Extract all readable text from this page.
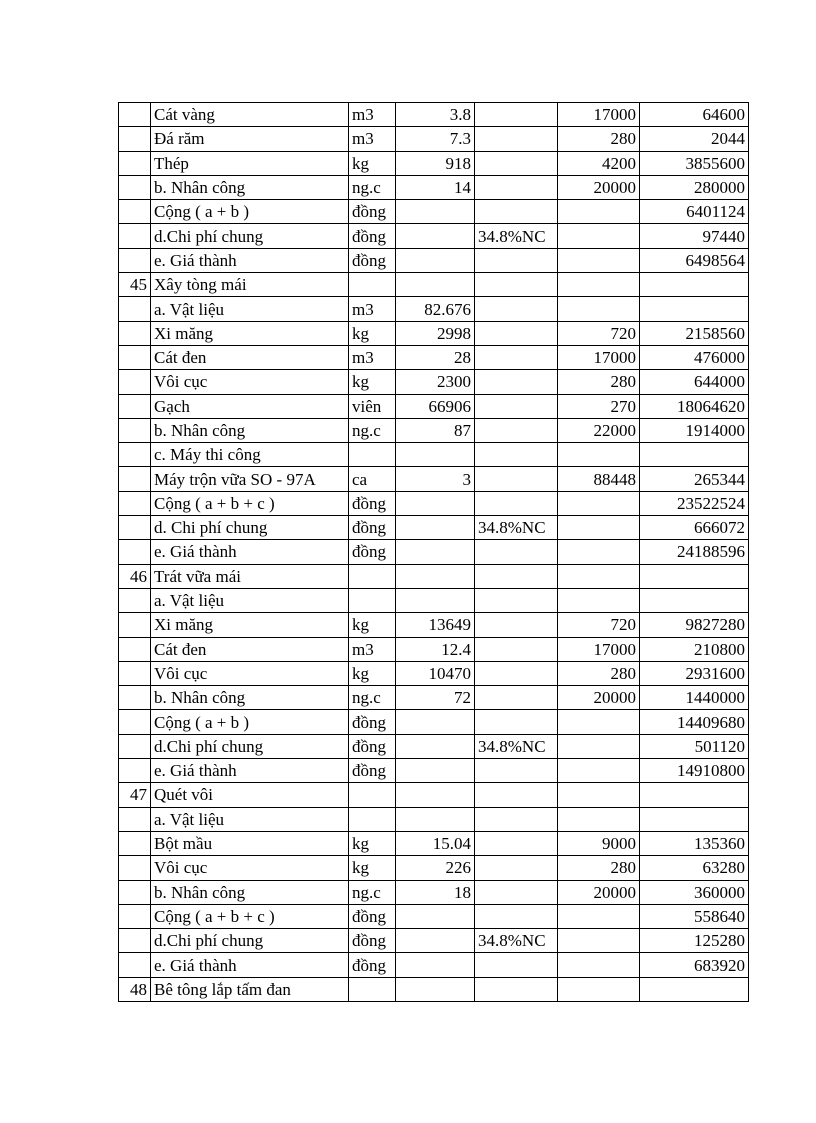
	Cát vàng	m3	3.8		17000	64600
	Đá răm	m3	7.3		280	2044
	Thép	kg	918		4200	3855600
	b. Nhân công	ng.c	14		20000	280000
	Cộng ( a + b )	đồng				6401124
	d.Chi phí chung	đồng		34.8%NC		97440
	e. Giá thành	đồng				6498564
45	Xây tòng mái					
	a. Vật liệu	m3	82.676			
	Xi măng	kg	2998		720	2158560
	Cát đen	m3	28		17000	476000
	Vôi cục	kg	2300		280	644000
	Gạch	viên	66906		270	18064620
	b. Nhân công	ng.c	87		22000	1914000
	c. Máy thi công					
	Máy trộn vữa SO - 97A	ca	3		88448	265344
	Cộng ( a + b + c )	đồng				23522524
	d. Chi phí chung	đồng		34.8%NC		666072
	e. Giá thành	đồng				24188596
46	Trát vữa mái					
	a. Vật liệu					
	Xi măng	kg	13649		720	9827280
	Cát đen	m3	12.4		17000	210800
	Vôi cục	kg	10470		280	2931600
	b. Nhân công	ng.c	72		20000	1440000
	Cộng ( a + b )	đồng				14409680
	d.Chi phí chung	đồng		34.8%NC		501120
	e. Giá thành	đồng				14910800
47	Quét vôi					
	a. Vật liệu					
	Bột mầu	kg	15.04		9000	135360
	Vôi cục	kg	226		280	63280
	b. Nhân công	ng.c	18		20000	360000
	Cộng ( a + b + c )	đồng				558640
	d.Chi phí chung	đồng		34.8%NC		125280
	e. Giá thành	đồng				683920
48	Bê tông lắp tấm đan					
